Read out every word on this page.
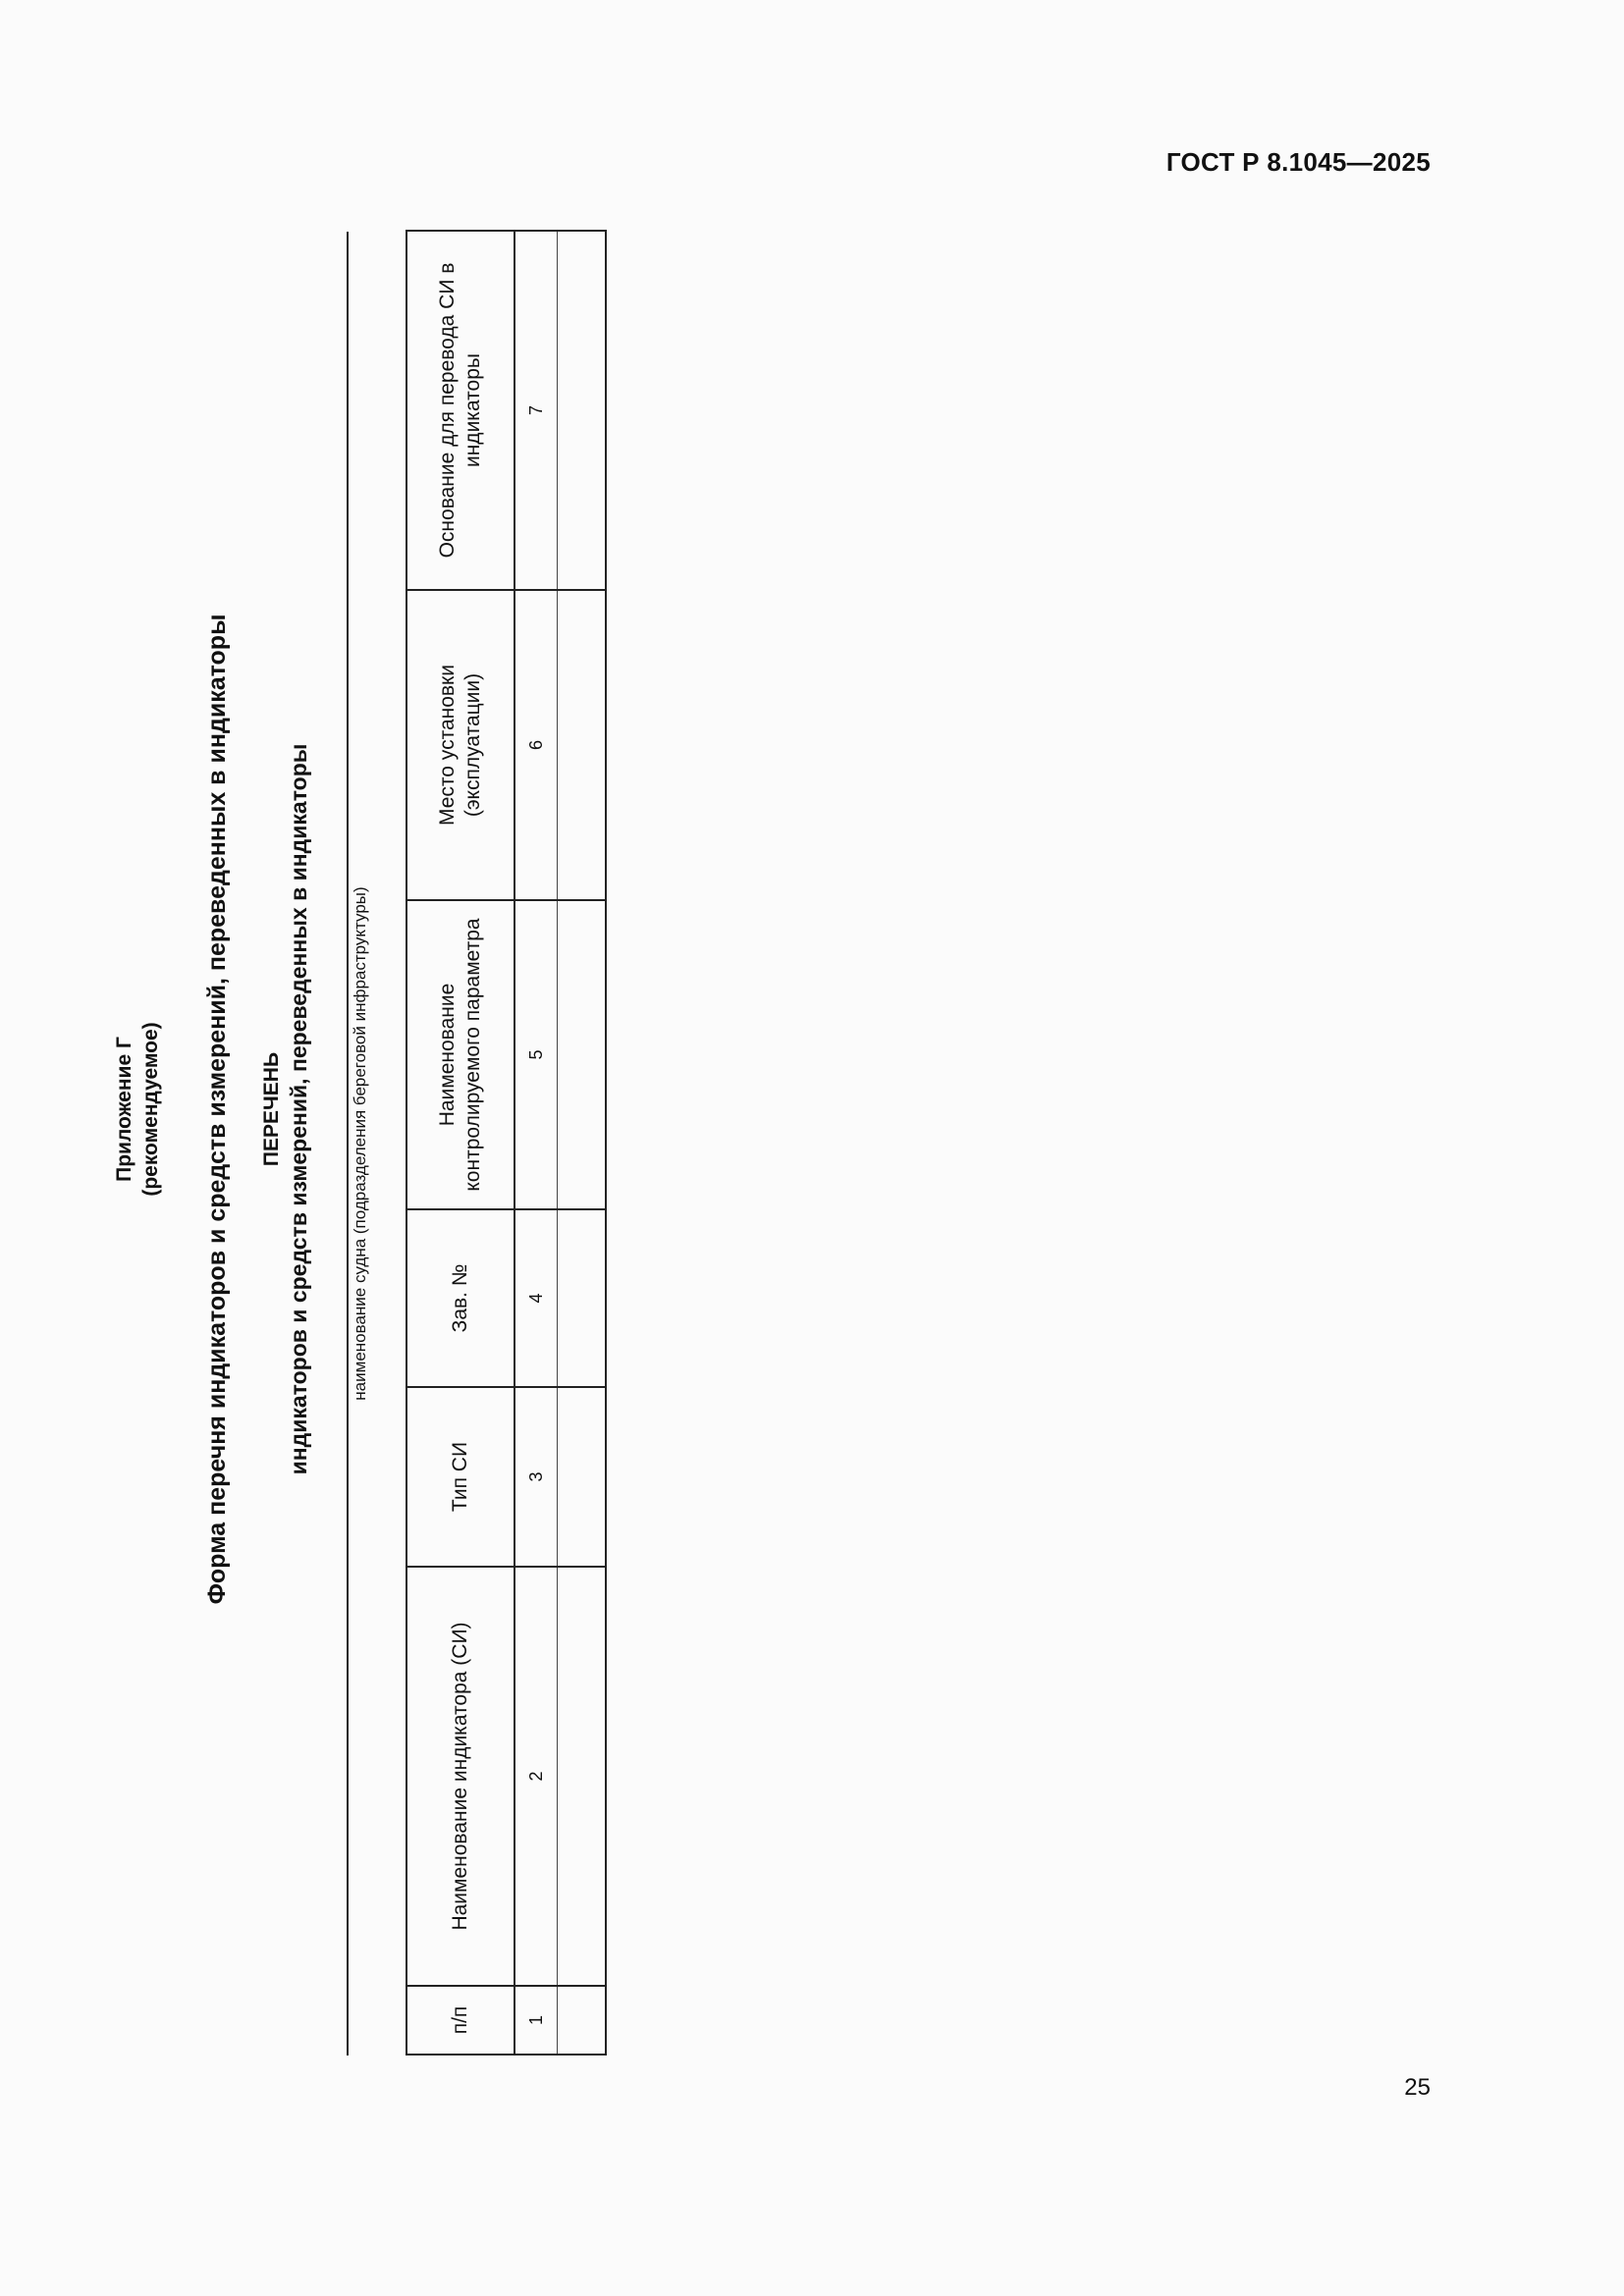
ГОСТ Р 8.1045—2025
Приложение Г (рекомендуемое) Форма перечня индикаторов и средств измерений, переведенных в индикаторы ПЕРЕЧЕНЬ индикаторов и средств измерений, переведенных в индикаторы наименование судна (подразделения береговой инфраструктуры)
п/п	Наименование индикатора (СИ)	Тип СИ	Зав. №	Наименование контролируемого параметра	Место установки (эксплуатации)	Основание для перевода СИ в индикаторы
1	2	3	4	5	6	7

25
